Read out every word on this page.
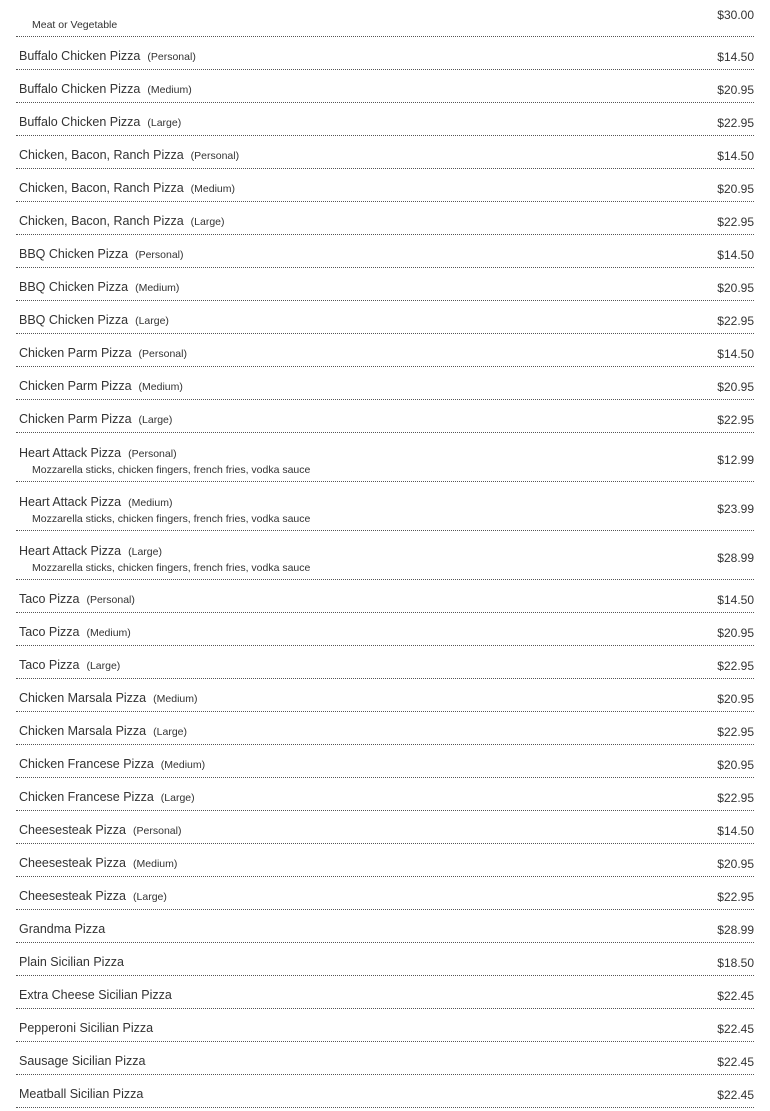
Meat or Vegetable
$30.00
Buffalo Chicken Pizza (Personal)	$14.50
Buffalo Chicken Pizza (Medium)	$20.95
Buffalo Chicken Pizza (Large)	$22.95
Chicken, Bacon, Ranch Pizza (Personal)	$14.50
Chicken, Bacon, Ranch Pizza (Medium)	$20.95
Chicken, Bacon, Ranch Pizza (Large)	$22.95
BBQ Chicken Pizza (Personal)	$14.50
BBQ Chicken Pizza (Medium)	$20.95
BBQ Chicken Pizza (Large)	$22.95
Chicken Parm Pizza (Personal)	$14.50
Chicken Parm Pizza (Medium)	$20.95
Chicken Parm Pizza (Large)	$22.95
Heart Attack Pizza (Personal)
Mozzarella sticks, chicken fingers, french fries, vodka sauce
$12.99
Heart Attack Pizza (Medium)
Mozzarella sticks, chicken fingers, french fries, vodka sauce
$23.99
Heart Attack Pizza (Large)
Mozzarella sticks, chicken fingers, french fries, vodka sauce
$28.99
Taco Pizza (Personal)	$14.50
Taco Pizza (Medium)	$20.95
Taco Pizza (Large)	$22.95
Chicken Marsala Pizza (Medium)	$20.95
Chicken Marsala Pizza (Large)	$22.95
Chicken Francese Pizza (Medium)	$20.95
Chicken Francese Pizza (Large)	$22.95
Cheesesteak Pizza (Personal)	$14.50
Cheesesteak Pizza (Medium)	$20.95
Cheesesteak Pizza (Large)	$22.95
Grandma Pizza	$28.99
Plain Sicilian Pizza	$18.50
Extra Cheese Sicilian Pizza	$22.45
Pepperoni Sicilian Pizza	$22.45
Sausage Sicilian Pizza	$22.45
Meatball Sicilian Pizza	$22.45
